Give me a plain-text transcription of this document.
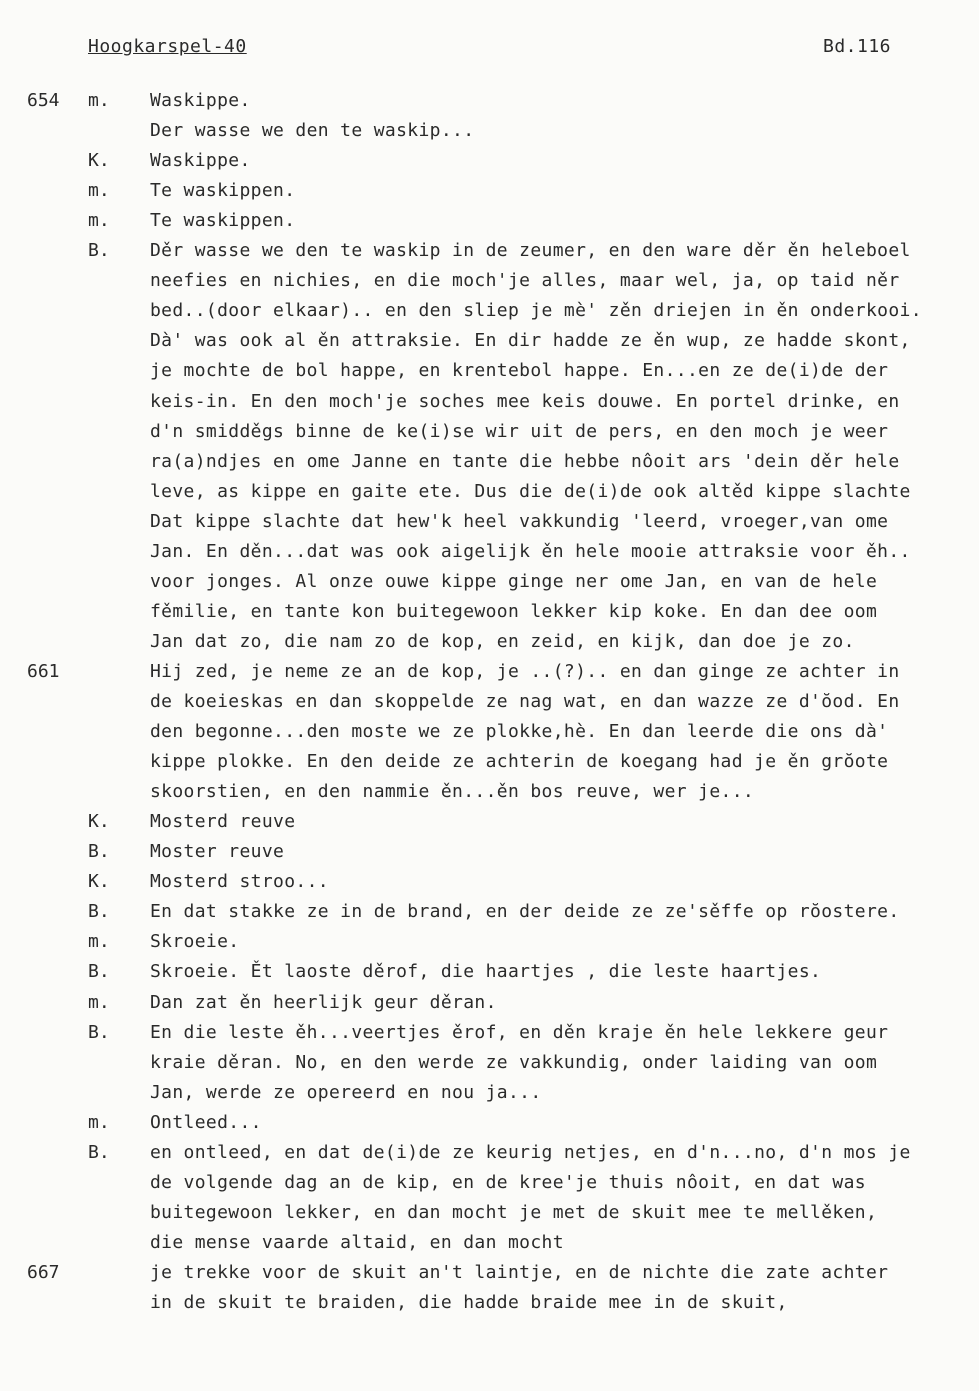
Hoogkarspel-40	Bd.116
654 m. Waskippe.
Der wasse we den te waskip...
K. Waskippe.
m. Te waskippen.
m. Te waskippen.
B. Děr wasse we den te waskip in de zeumer, en den ware děr ěn heleboel
neefies en nichies, en die moch'je alles, maar wel, ja, op taid něr
bed..(door elkaar).. en den sliep je mè' zěn driejen in ěn onderkooi.
Dà' was ook al ěn attraksie. En dir hadde ze ěn wup, ze hadde skont,
je mochte de bol happe, en krentebol happe. En...en ze de(i)de der
keis-in. En den moch'je soches mee keis douwe. En portel drinke, en
d'n smidděgs binne de ke(i)se wir uit de pers, en den moch je weer
ra(a)ndjes en ome Janne en tante die hebbe nôoit ars 'dein děr hele
leve, as kippe en gaite ete. Dus die de(i)de ook altěd kippe slachte
Dat kippe slachte dat hew'k heel vakkundig 'leerd, vroeger,van ome
Jan. En děn...dat was ook aigelijk ěn hele mooie attraksie voor ěh..
voor jonges. Al onze ouwe kippe ginge ner ome Jan, en van de hele
fěmilie, en tante kon buitegewoon lekker kip koke. En dan dee oom
Jan dat zo, die nam zo de kop, en zeid, en kijk, dan doe je zo.
661	Hij zed, je neme ze an de kop, je ..(?).. en dan ginge ze achter in
de koeieskas en dan skoppelde ze nag wat, en dan wazze ze d'ŏod. En
den begonne...den moste we ze plokke,hè. En dan leerde die ons dà'
kippe plokke. En den deide ze achterin de koegang had je ěn grŏote
skoorstien, en den nammie ěn...ěn bos reuve, wer je...
K. Mosterd reuve
B. Moster reuve
K. Mosterd stroo...
B. En dat stakke ze in de brand, en der deide ze ze'sěffe op rŏostere.
m. Skroeie.
B. Skroeie. Ět laoste děrof, die haartjes , die leste haartjes.
m. Dan zat ěn heerlijk geur děran.
B. En die leste ěh...veertjes ěrof, en děn kraje ěn hele lekkere geur
kraie děran. No, en den werde ze vakkundig, onder laiding van oom
Jan, werde ze opereerd en nou ja...
m. Ontleed...
B. en ontleed, en dat de(i)de ze keurig netjes, en d'n...no, d'n mos je
de volgende dag an de kip, en de kree'je thuis nôoit, en dat was
buitegewoon lekker, en dan mocht je met de skuit mee te mellěken,
die mense vaarde altaid, en dan mocht
667	je trekke voor de skuit an't laintje, en de nichte die zate achter
in de skuit te braiden, die hadde braide mee in de skuit,
